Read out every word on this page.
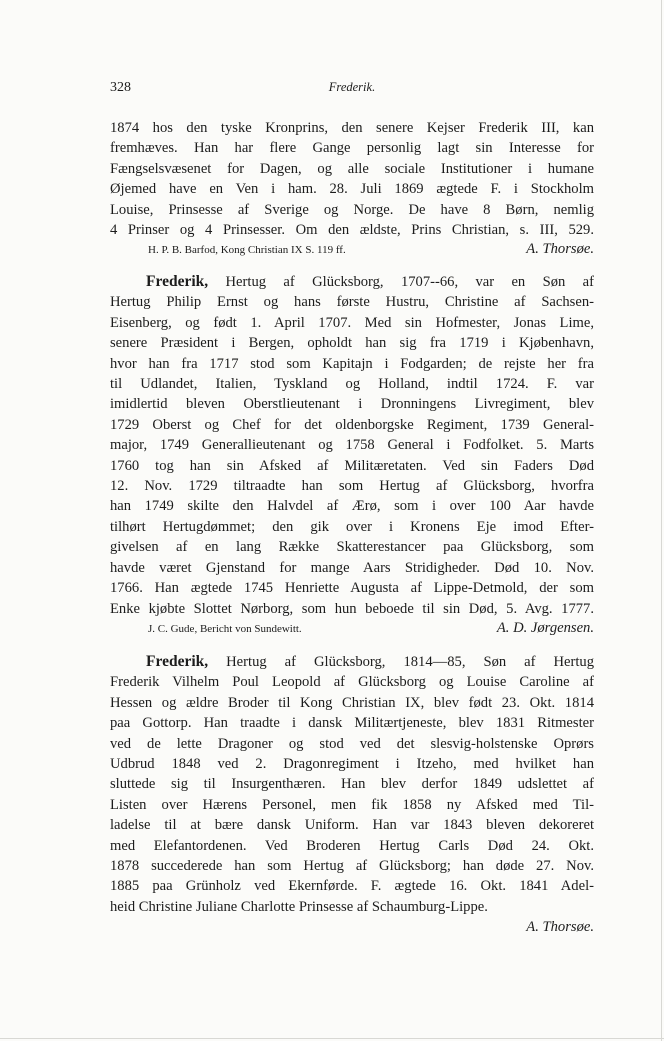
328	Frederik.
1874 hos den tyske Kronprins, den senere Kejser Frederik III, kan
fremhæves. Han har flere Gange personlig lagt sin Interesse for
Fængselsvæsenet for Dagen, og alle sociale Institutioner i humane
Øjemed have en Ven i ham. 28. Juli 1869 ægtede F. i Stockholm
Louise, Prinsesse af Sverige og Norge. De have 8 Børn, nemlig
4 Prinser og 4 Prinsesser. Om den ældste, Prins Christian, s. III, 529.
H. P. B. Barfod, Kong Christian IX S. 119 ff.	A. Thorsøe.
Frederik, Hertug af Glücksborg, 1707--66, var en Søn af
Hertug Philip Ernst og hans første Hustru, Christine af Sachsen-
Eisenberg, og født 1. April 1707. Med sin Hofmester, Jonas Lime,
senere Præsident i Bergen, opholdt han sig fra 1719 i Kjøbenhavn,
hvor han fra 1717 stod som Kapitajn i Fodgarden; de rejste her fra
til Udlandet, Italien, Tyskland og Holland, indtil 1724. F. var
imidlertid bleven Oberstlieutenant i Dronningens Livregiment, blev
1729 Oberst og Chef for det oldenborgske Regiment, 1739 General-
major, 1749 Generallieutenant og 1758 General i Fodfolket. 5. Marts
1760 tog han sin Afsked af Militæretaten. Ved sin Faders Død
12. Nov. 1729 tiltraadte han som Hertug af Glücksborg, hvorfra
han 1749 skilte den Halvdel af Ærø, som i over 100 Aar havde
tilhørt Hertugdømmet; den gik over i Kronens Eje imod Efter-
givelsen af en lang Række Skatterestancer paa Glücksborg, som
havde været Gjenstand for mange Aars Stridigheder. Død 10. Nov.
1766. Han ægtede 1745 Henriette Augusta af Lippe-Detmold, der som
Enke kjøbte Slottet Nørborg, som hun beboede til sin Død, 5. Avg. 1777.
J. C. Gude, Bericht von Sundewitt.	A. D. Jørgensen.
Frederik, Hertug af Glücksborg, 1814—85, Søn af Hertug
Frederik Vilhelm Poul Leopold af Glücksborg og Louise Caroline af
Hessen og ældre Broder til Kong Christian IX, blev født 23. Okt. 1814
paa Gottorp. Han traadte i dansk Militærtjeneste, blev 1831 Ritmester
ved de lette Dragoner og stod ved det slesvig-holstenske Oprørs
Udbrud 1848 ved 2. Dragonregiment i Itzeho, med hvilket han
sluttede sig til Insurgenthæren. Han blev derfor 1849 udslettet af
Listen over Hærens Personel, men fik 1858 ny Afsked med Til-
ladelse til at bære dansk Uniform. Han var 1843 bleven dekoreret
med Elefantordenen. Ved Broderen Hertug Carls Død 24. Okt.
1878 succederede han som Hertug af Glücksborg; han døde 27. Nov.
1885 paa Grünholz ved Ekernførde. F. ægtede 16. Okt. 1841 Adel-
heid Christine Juliane Charlotte Prinsesse af Schaumburg-Lippe.
A. Thorsøe.
